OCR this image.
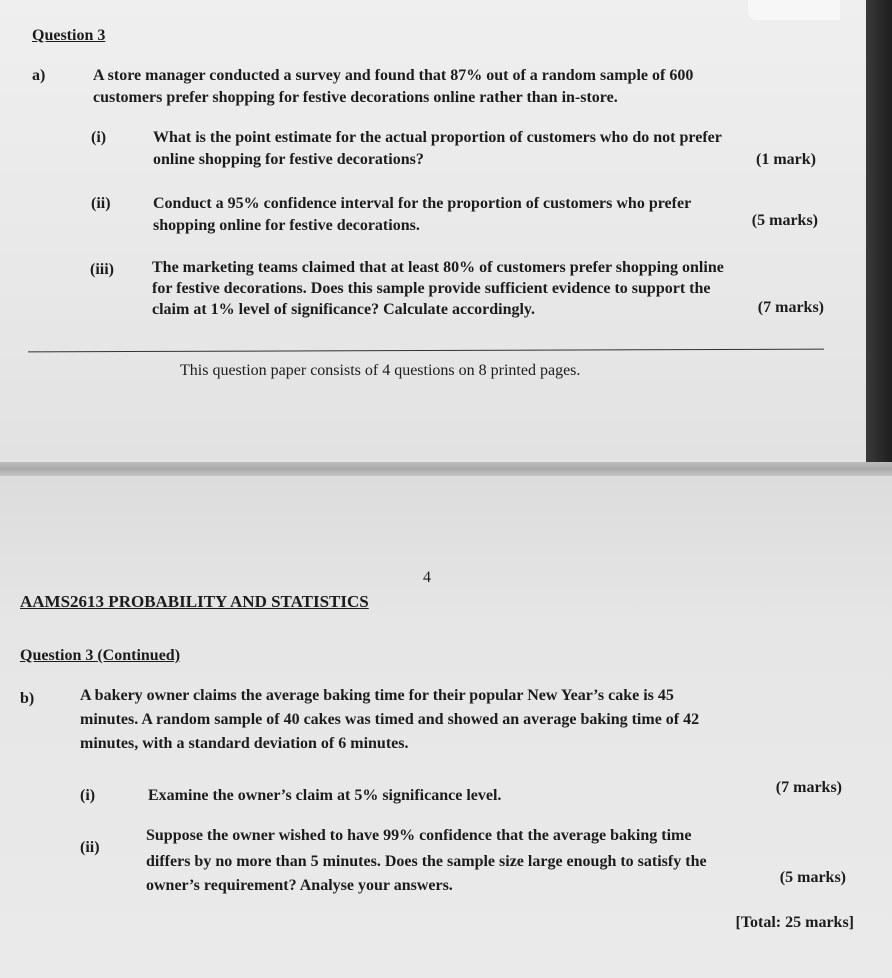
Question 3
a)	A store manager conducted a survey and found that 87% out of a random sample of 600
customers prefer shopping for festive decorations online rather than in-store.
(i)	What is the point estimate for the actual proportion of customers who do not prefer
online shopping for festive decorations?	(1 mark)
(ii)	Conduct a 95% confidence interval for the proportion of customers who prefer
shopping online for festive decorations.	(5 marks)
(iii) The marketing teams claimed that at least 80% of customers prefer shopping online
for festive decorations. Does this sample provide sufficient evidence to support the
claim at 1% level of significance? Calculate accordingly.	(7 marks)
This question paper consists of 4 questions on 8 printed pages.
4
AAMS2613 PROBABILITY AND STATISTICS
Question 3 (Continued)
b)	A bakery owner claims the average baking time for their popular New Year’s cake is 45
minutes. A random sample of 40 cakes was timed and showed an average baking time of 42
minutes, with a standard deviation of 6 minutes.
(i)	Examine the owner’s claim at 5% significance level.	(7 marks)
(ii)
Suppose the owner wished to have 99% confidence that the average baking time
differs by no more than 5 minutes. Does the sample size large enough to satisfy the
owner’s requirement? Analyse your answers.	(5 marks)
[Total: 25 marks]
